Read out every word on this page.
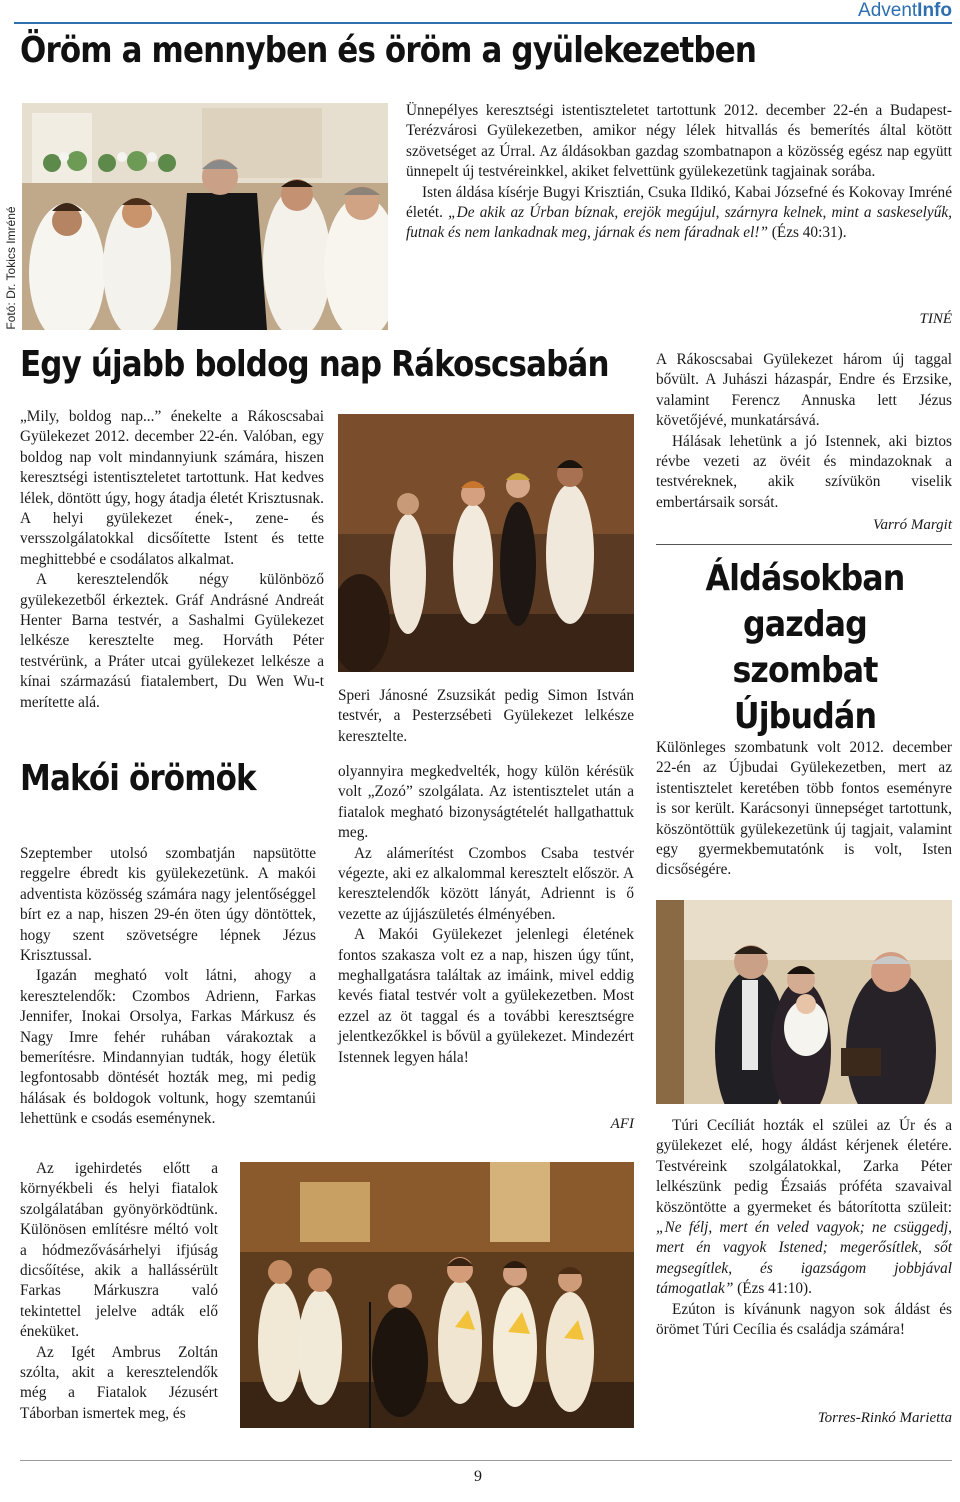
AdventInfo
Öröm a mennyben és öröm a gyülekezetben
Fotó: Dr. Tokics Imréné

Ünnepélyes keresztségi istentiszteletet tartottunk 2012. december 22-én a Budapest-Terézvárosi Gyülekezetben, amikor négy lélek hitvallás és bemerítés által kötött szövetséget az Úrral. Az áldásokban gazdag szombatnapon a közösség egész nap együtt ünnepelt új testvéreinkkel, akiket felvettünk gyülekezetünk tagjainak sorába.

Isten áldása kísérje Bugyi Krisztián, Csuka Ildikó, Kabai Józsefné és Kokovay Imréné életét. „De akik az Úrban bíznak, erejök megújul, szárnyra kelnek, mint a saskeselyűk, futnak és nem lankadnak meg, járnak és nem fáradnak el!” (Ézs 40:31).

TINÉ
Egy újabb boldog nap Rákoscsabán

„Mily, boldog nap...” énekelte a Rákoscsabai Gyülekezet 2012. december 22-én. Valóban, egy boldog nap volt mindannyiunk számára, hiszen keresztségi istentiszteletet tartottunk. Hat kedves lélek, döntött úgy, hogy átadja életét Krisztusnak. A helyi gyülekezet ének-, zene- és versszolgálatokkal dicsőítette Istent és tette meghittebbé e csodálatos alkalmat.

A keresztelendők négy különböző gyülekezetből érkeztek. Gráf Andrásné Andreát Henter Barna testvér, a Sashalmi Gyülekezet lelkésze keresztelte meg. Horváth Péter testvérünk, a Práter utcai gyülekezet lelkésze a kínai származású fiatalembert, Du Wen Wu-t merítette alá.	Speri Jánosné Zsuzsikát pedig Simon István testvér, a Pesterzsébeti Gyülekezet lelkésze keresztelte.

A Rákoscsabai Gyülekezet három új taggal bővült. A Juhászi házaspár, Endre és Erzsike, valamint Ferencz Annuska lett Jézus követőjévé, munkatársává.

Hálásak lehetünk a jó Istennek, aki biztos révbe vezeti az övéit és mindazoknak a testvéreknek, akik szívükön viselik embertársaik sorsát.

Varró Margit
Makói örömök

Szeptember utolsó szombatján napsütötte reggelre ébredt kis gyülekezetünk. A makói adventista közösség számára nagy jelentőséggel bírt ez a nap, hiszen 29-én öten úgy döntöttek, hogy szent szövetségre lépnek Jézus Krisztussal.

Igazán megható volt látni, ahogy a keresztelendők: Czombos Adrienn, Farkas Jennifer, Inokai Orsolya, Farkas Márkusz és Nagy Imre fehér ruhában várakoztak a bemerítésre. Mindannyian tudták, hogy életük legfontosabb döntését hozták meg, mi pedig hálásak és boldogok voltunk, hogy szemtanúi lehettünk e csodás eseménynek.

Az igehirdetés előtt a környékbeli és helyi fiatalok szolgálatában gyönyörködtünk. Különösen említésre méltó volt a hódmezővásárhelyi ifjúság dicsőítése, akik a hallássérült Farkas Márkuszra való tekintettel jelelve adták elő éneküket.

Az Igét Ambrus Zoltán szólta, akit a keresztelendők még a Fiatalok Jézusért Táborban ismertek meg, és

olyannyira megkedvelték, hogy külön kérésük volt „Zozó” szolgálata. Az istentisztelet után a fiatalok megható bizonyságtételét hallgathattuk meg.

Az alámerítést Czombos Csaba testvér végezte, aki ez alkalommal keresztelt először. A keresztelendők között lányát, Adriennt is ő vezette az újjászületés élményében.

A Makói Gyülekezet jelenlegi életének fontos szakasza volt ez a nap, hiszen úgy tűnt, meghallgatásra találtak az imáink, mivel eddig kevés fiatal testvér volt a gyülekezetben. Most ezzel az öt taggal és a további keresztségre jelentkezőkkel is bővül a gyülekezet. Mindezért Istennek legyen hála!

AFI
Áldásokban gazdag szombat Újbudán

Különleges szombatunk volt 2012. december 22-én az Újbudai Gyülekezetben, mert az istentisztelet keretében több fontos eseményre is sor került. Karácsonyi ünnepséget tartottunk, köszöntöttük gyülekezetünk új tagjait, valamint egy gyermekbemutatónk is volt, Isten dicsőségére.

Túri Cecíliát hozták el szülei az Úr és a gyülekezet elé, hogy áldást kérjenek életére. Testvéreink szolgálatokkal, Zarka Péter lelkészünk pedig Ézsaiás próféta szavaival köszöntötte a gyermeket és bátorította szüleit: „Ne félj, mert én veled vagyok; ne csüggedj, mert én vagyok Istened; megerősítlek, sőt megsegítlek, és igazságom jobbjával támogatlak” (Ézs 41:10).

Ezúton is kívánunk nagyon sok áldást és örömet Túri Cecília és családja számára!

Torres-Rinkó Marietta
9
